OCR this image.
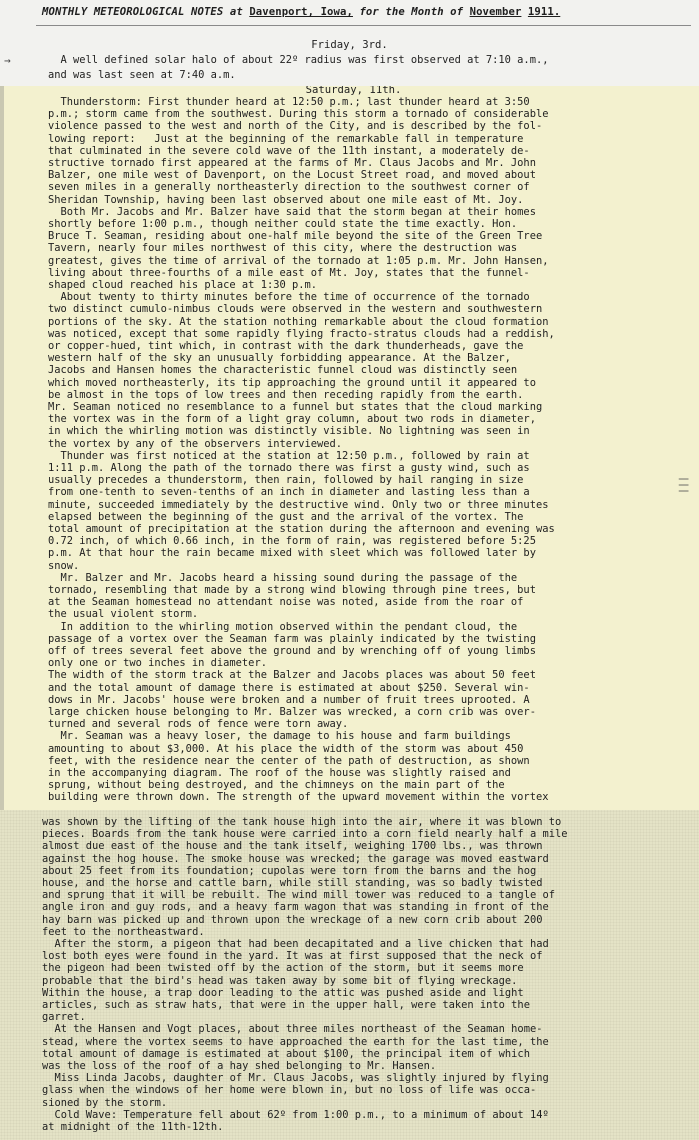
MONTHLY METEOROLOGICAL NOTES at Davenport, Iowa, for the Month of November 1911.
Friday, 3rd.
→	A well defined solar halo of about 22º radius was first observed at 7:10 a.m.,
and was last seen at 7:40 a.m.
Saturday, 11th.
Thunderstorm: First thunder heard at 12:50 p.m.; last thunder heard at 3:50
p.m.; storm came from the southwest. During this storm a tornado of considerable
violence passed to the west and north of the City, and is described by the fol-
lowing report:   Just at the beginning of the remarkable fall in temperature
that culminated in the severe cold wave of the 11th instant, a moderately de-
structive tornado first appeared at the farms of Mr. Claus Jacobs and Mr. John
Balzer, one mile west of Davenport, on the Locust Street road, and moved about
seven miles in a generally northeasterly direction to the southwest corner of
Sheridan Township, having been last observed about one mile east of Mt. Joy.
Both Mr. Jacobs and Mr. Balzer have said that the storm began at their homes
shortly before 1:00 p.m., though neither could state the time exactly. Hon.
Bruce T. Seaman, residing about one-half mile beyond the site of the Green Tree
Tavern, nearly four miles northwest of this city, where the destruction was
greatest, gives the time of arrival of the tornado at 1:05 p.m. Mr. John Hansen,
living about three-fourths of a mile east of Mt. Joy, states that the funnel-
shaped cloud reached his place at 1:30 p.m.
About twenty to thirty minutes before the time of occurrence of the tornado
two distinct cumulo-nimbus clouds were observed in the western and southwestern
portions of the sky. At the station nothing remarkable about the cloud formation
was noticed, except that some rapidly flying fracto-stratus clouds had a reddish,
or copper-hued, tint which, in contrast with the dark thunderheads, gave the
western half of the sky an unusually forbidding appearance. At the Balzer,
Jacobs and Hansen homes the characteristic funnel cloud was distinctly seen
which moved northeasterly, its tip approaching the ground until it appeared to
be almost in the tops of low trees and then receding rapidly from the earth.
Mr. Seaman noticed no resemblance to a funnel but states that the cloud marking
the vortex was in the form of a light gray column, about two rods in diameter,
in which the whirling motion was distinctly visible. No lightning was seen in
the vortex by any of the observers interviewed.
Thunder was first noticed at the station at 12:50 p.m., followed by rain at
1:11 p.m. Along the path of the tornado there was first a gusty wind, such as
usually precedes a thunderstorm, then rain, followed by hail ranging in size
from one-tenth to seven-tenths of an inch in diameter and lasting less than a
minute, succeeded immediately by the destructive wind. Only two or three minutes
elapsed between the beginning of the gust and the arrival of the vortex. The
total amount of precipitation at the station during the afternoon and evening was
0.72 inch, of which 0.66 inch, in the form of rain, was registered before 5:25
p.m. At that hour the rain became mixed with sleet which was followed later by
snow.
Mr. Balzer and Mr. Jacobs heard a hissing sound during the passage of the
tornado, resembling that made by a strong wind blowing through pine trees, but
at the Seaman homestead no attendant noise was noted, aside from the roar of
the usual violent storm.
In addition to the whirling motion observed within the pendant cloud, the
passage of a vortex over the Seaman farm was plainly indicated by the twisting
off of trees several feet above the ground and by wrenching off of young limbs
only one or two inches in diameter.
The width of the storm track at the Balzer and Jacobs places was about 50 feet
and the total amount of damage there is estimated at about $250. Several win-
dows in Mr. Jacobs' house were broken and a number of fruit trees uprooted. A
large chicken house belonging to Mr. Balzer was wrecked, a corn crib was over-
turned and several rods of fence were torn away.
Mr. Seaman was a heavy loser, the damage to his house and farm buildings
amounting to about $3,000. At his place the width of the storm was about 450
feet, with the residence near the center of the path of destruction, as shown
in the accompanying diagram. The roof of the house was slightly raised and
sprung, without being destroyed, and the chimneys on the main part of the
building were thrown down. The strength of the upward movement within the vortex
|||
was shown by the lifting of the tank house high into the air, where it was blown to
pieces. Boards from the tank house were carried into a corn field nearly half a mile
almost due east of the house and the tank itself, weighing 1700 lbs., was thrown
against the hog house. The smoke house was wrecked; the garage was moved eastward
about 25 feet from its foundation; cupolas were torn from the barns and the hog
house, and the horse and cattle barn, while still standing, was so badly twisted
and sprung that it will be rebuilt. The wind mill tower was reduced to a tangle of
angle iron and guy rods, and a heavy farm wagon that was standing in front of the
hay barn was picked up and thrown upon the wreckage of a new corn crib about 200
feet to the northeastward.
After the storm, a pigeon that had been decapitated and a live chicken that had
lost both eyes were found in the yard. It was at first supposed that the neck of
the pigeon had been twisted off by the action of the storm, but it seems more
probable that the bird's head was taken away by some bit of flying wreckage.
Within the house, a trap door leading to the attic was pushed aside and light
articles, such as straw hats, that were in the upper hall, were taken into the
garret.
At the Hansen and Vogt places, about three miles northeast of the Seaman home-
stead, where the vortex seems to have approached the earth for the last time, the
total amount of damage is estimated at about $100, the principal item of which
was the loss of the roof of a hay shed belonging to Mr. Hansen.
Miss Linda Jacobs, daughter of Mr. Claus Jacobs, was slightly injured by flying
glass when the windows of her home were blown in, but no loss of life was occa-
sioned by the storm.
Cold Wave: Temperature fell about 62º from 1:00 p.m., to a minimum of about 14º
at midnight of the 11th-12th.
